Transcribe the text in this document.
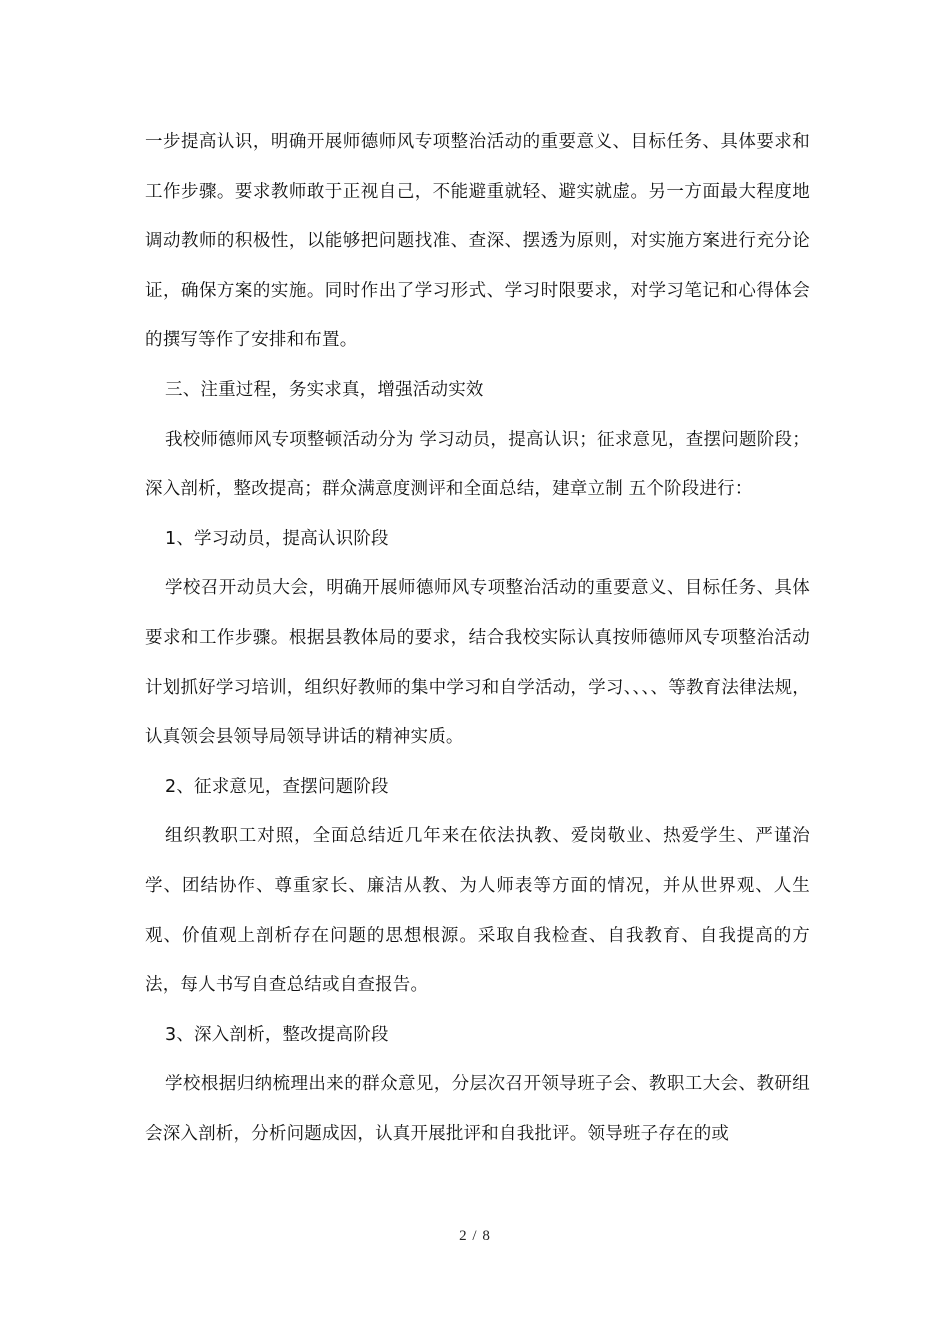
一步提高认识，明确开展师德师风专项整治活动的重要意义、目标任务、具体要求和工作步骤。要求教师敢于正视自己，不能避重就轻、避实就虚。另一方面最大程度地调动教师的积极性，以能够把问题找准、查深、摆透为原则，对实施方案进行充分论证，确保方案的实施。同时作出了学习形式、学习时限要求，对学习笔记和心得体会的撰写等作了安排和布置。

三、注重过程，务实求真，增强活动实效

我校师德师风专项整顿活动分为 学习动员，提高认识；征求意见，查摆问题阶段；深入剖析，整改提高；群众满意度测评和全面总结，建章立制 五个阶段进行：

1、学习动员，提高认识阶段

学校召开动员大会，明确开展师德师风专项整治活动的重要意义、目标任务、具体要求和工作步骤。根据县教体局的要求，结合我校实际认真按师德师风专项整治活动计划抓好学习培训，组织好教师的集中学习和自学活动，学习、、、、等教育法律法规，认真领会县领导局领导讲话的精神实质。

2、征求意见，查摆问题阶段

组织教职工对照，全面总结近几年来在依法执教、爱岗敬业、热爱学生、严谨治学、团结协作、尊重家长、廉洁从教、为人师表等方面的情况，并从世界观、人生观、价值观上剖析存在问题的思想根源。采取自我检查、自我教育、自我提高的方法，每人书写自查总结或自查报告。

3、深入剖析，整改提高阶段

学校根据归纳梳理出来的群众意见，分层次召开领导班子会、教职工大会、教研组会深入剖析，分析问题成因，认真开展批评和自我批评。领导班子存在的或

2 / 8
